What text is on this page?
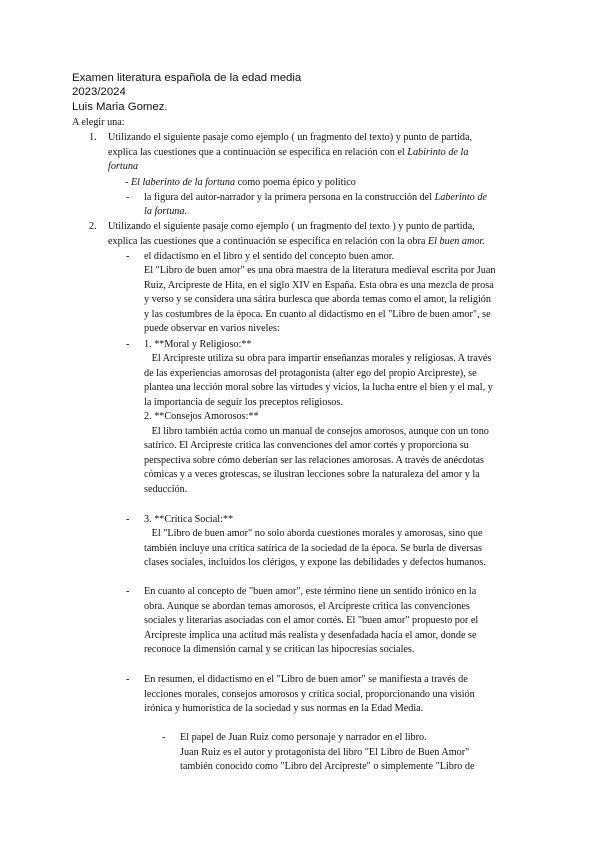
Examen literatura española de la edad media
2023/2024
Luis Maria Gomez.
A elegir una:
1. Utilizando el siguiente pasaje como ejemplo ( un fragmento del texto) y punto de partida,
explica las cuestiones que a continuación se especifica en relación con el Labirinto de la
fortuna
- El laberinto de la fortuna como poema épico y político
- la figura del autor-narrador y la primera persona en la construcción del Laberinto de
la fortuna.
2. Utilizando el siguiente pasaje como ejemplo ( un fragmento del texto ) y punto de partida,
explica las cuestiones que a continuación se especifica en relación con la obra El buen amor.
- el didactismo en el libro y el sentido del concepto buen amor.
El "Libro de buen amor" es una obra maestra de la literatura medieval escrita por Juan
Ruiz, Arcipreste de Hita, en el siglo XIV en España. Esta obra es una mezcla de prosa
y verso y se considera una sátira burlesca que aborda temas como el amor, la religión
y las costumbres de la época. En cuanto al didactismo en el "Libro de buen amor", se
puede observar en varios niveles:
- 1. **Moral y Religioso:**
El Arcipreste utiliza su obra para impartir enseñanzas morales y religiosas. A través
de las experiencias amorosas del protagonista (alter ego del propio Arcipreste), se
plantea una lección moral sobre las virtudes y vicios, la lucha entre el bien y el mal, y
la importancia de seguir los preceptos religiosos.
2. **Consejos Amorosos:**
El libro también actúa como un manual de consejos amorosos, aunque con un tono
satírico. El Arcipreste critica las convenciones del amor cortés y proporciona su
perspectiva sobre cómo deberían ser las relaciones amorosas. A través de anécdotas
cómicas y a veces grotescas, se ilustran lecciones sobre la naturaleza del amor y la
seducción.
- 3. **Crítica Social:**
El "Libro de buen amor" no solo aborda cuestiones morales y amorosas, sino que
también incluye una crítica satírica de la sociedad de la época. Se burla de diversas
clases sociales, incluidos los clérigos, y expone las debilidades y defectos humanos.
- En cuanto al concepto de "buen amor", este término tiene un sentido irónico en la
obra. Aunque se abordan temas amorosos, el Arcipreste critica las convenciones
sociales y literarias asociadas con el amor cortés. El "buen amor" propuesto por el
Arcipreste implica una actitud más realista y desenfadada hacia el amor, donde se
reconoce la dimensión carnal y se critican las hipocresías sociales.
- En resumen, el didactismo en el "Libro de buen amor" se manifiesta a través de
lecciones morales, consejos amorosos y crítica social, proporcionando una visión
irónica y humorística de la sociedad y sus normas en la Edad Media.
- El papel de Juan Ruiz como personaje y narrador en el libro.
Juan Ruiz es el autor y protagonista del libro "El Libro de Buen Amor"
también conocido como "Libro del Arcipreste" o simplemente "Libro de
